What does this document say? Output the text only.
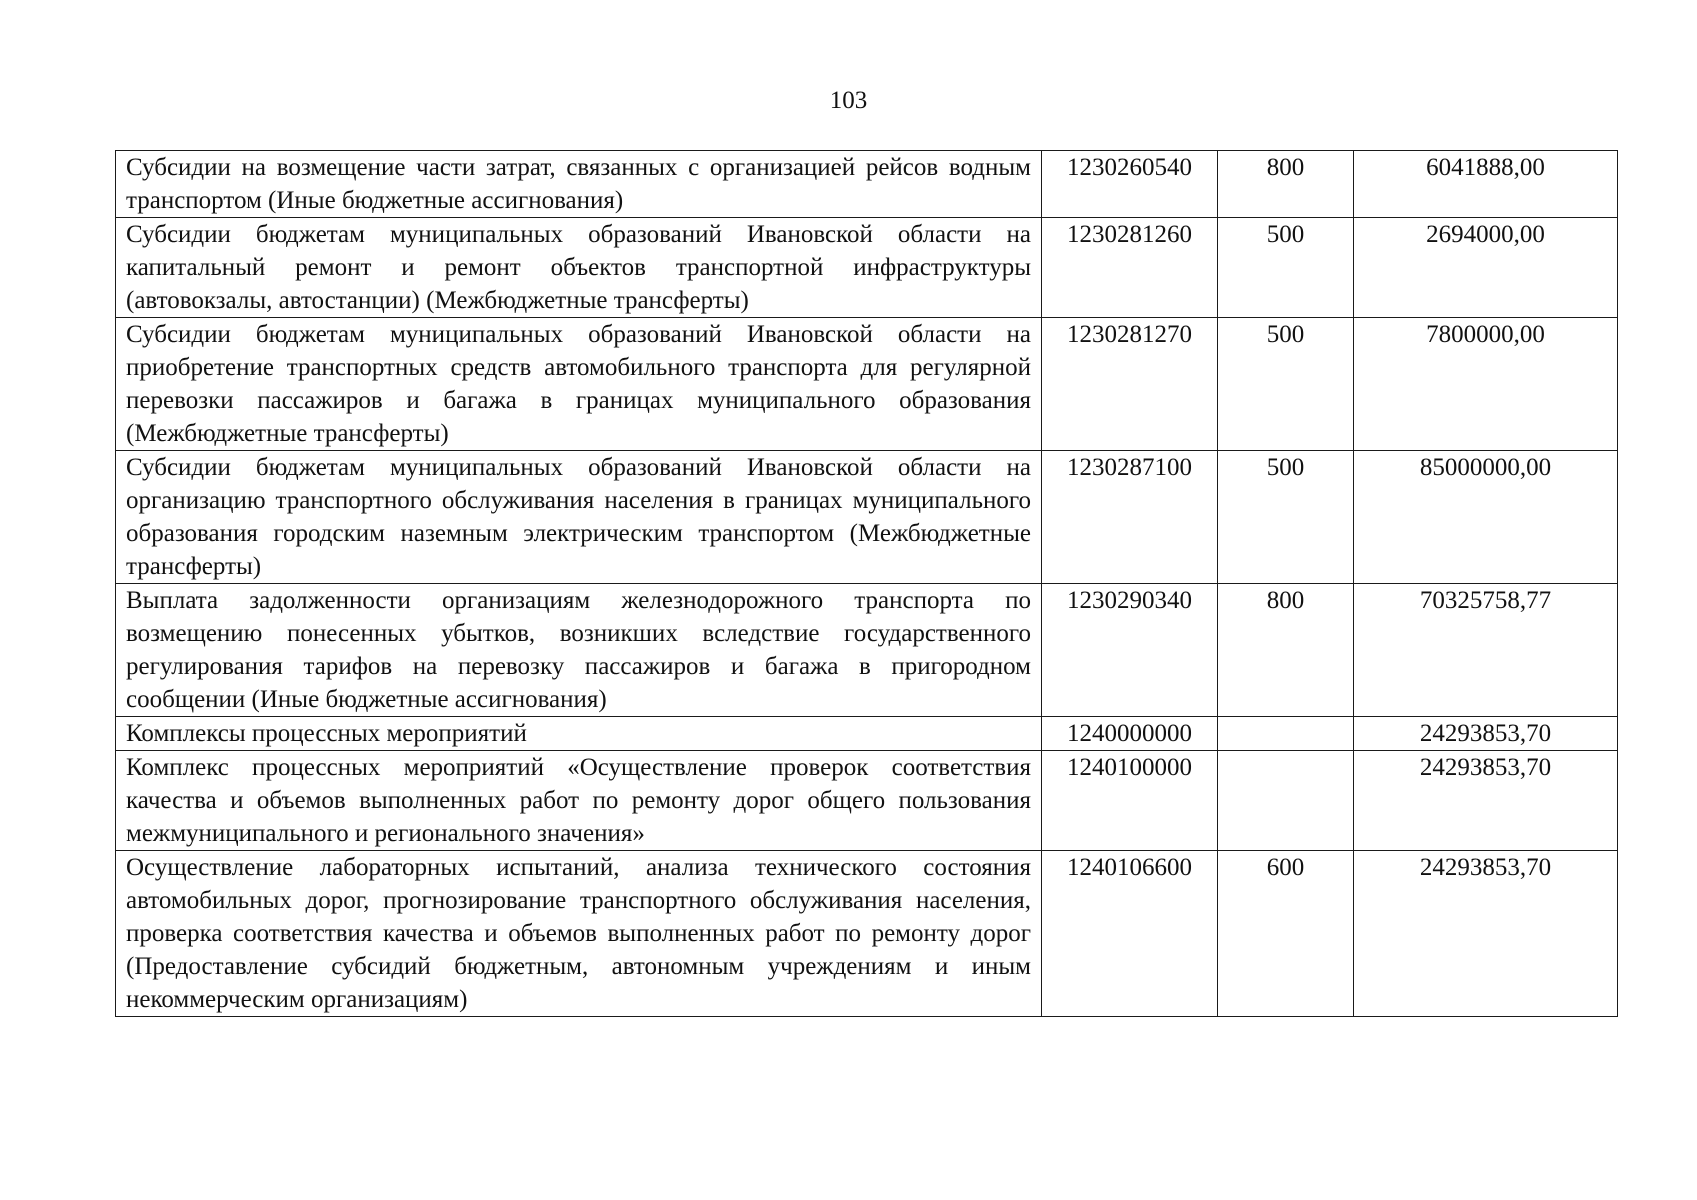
103
Субсидии на возмещение части затрат, связанных с организацией рейсов водным транспортом (Иные бюджетные ассигнования)	1230260540	800	6041888,00
Субсидии бюджетам муниципальных образований Ивановской области на капитальный ремонт и ремонт объектов транспортной инфраструктуры (автовокзалы, автостанции) (Межбюджетные трансферты)	1230281260	500	2694000,00
Субсидии бюджетам муниципальных образований Ивановской области на приобретение транспортных средств автомобильного транспорта для регулярной перевозки пассажиров и багажа в границах муниципального образования (Межбюджетные трансферты)	1230281270	500	7800000,00
Субсидии бюджетам муниципальных образований Ивановской области на организацию транспортного обслуживания населения в границах муниципального образования городским наземным электрическим транспортом (Межбюджетные трансферты)	1230287100	500	85000000,00
Выплата задолженности организациям железнодорожного транспорта по возмещению понесенных убытков, возникших вследствие государственного регулирования тарифов на перевозку пассажиров и багажа в пригородном сообщении (Иные бюджетные ассигнования)	1230290340	800	70325758,77
Комплексы процессных мероприятий	1240000000		24293853,70
Комплекс процессных мероприятий «Осуществление проверок соответствия качества и объемов выполненных работ по ремонту дорог общего пользования межмуниципального и регионального значения»	1240100000		24293853,70
Осуществление лабораторных испытаний, анализа технического состояния автомобильных дорог, прогнозирование транспортного обслуживания населения, проверка соответствия качества и объемов выполненных работ по ремонту дорог (Предоставление субсидий бюджетным, автономным учреждениям и иным некоммерческим организациям)	1240106600	600	24293853,70
